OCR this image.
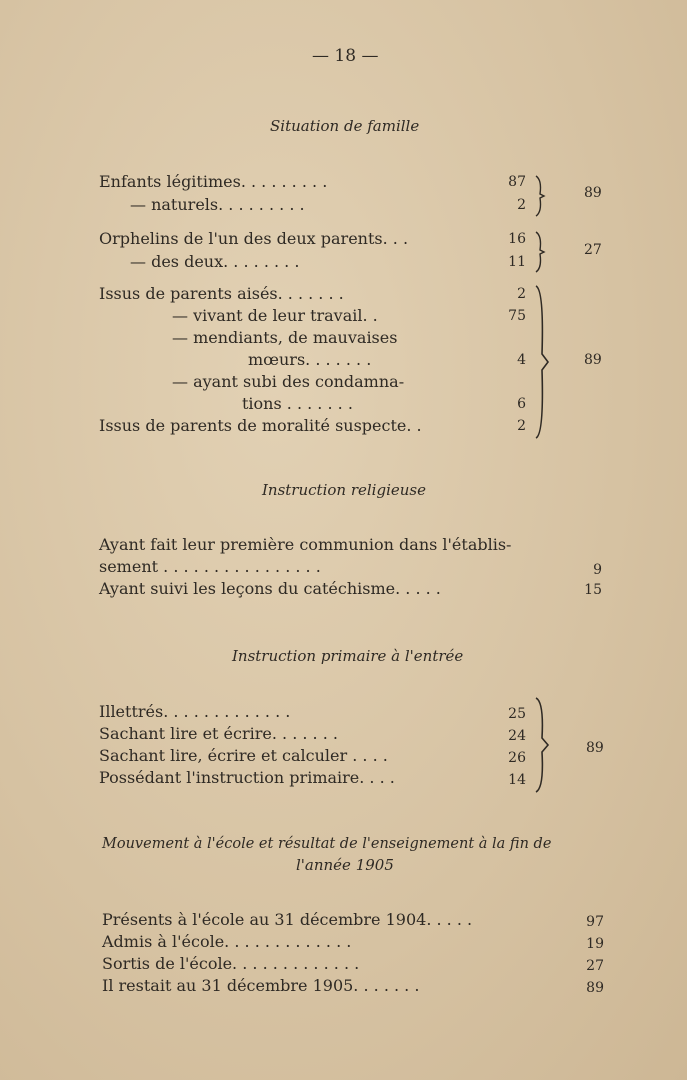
— 18 —
Situation de famille
Enfants légitimes. . . . . . . . .	87
— naturels. . . . . . . . .	2
89
Orphelins de l'un des deux parents. . .	16
— des deux. . . . . . . .	11
27
Issus de parents aisés. . . . . . .	2
— vivant de leur travail. .	75
— mendiants, de mauvaises
mœurs. . . . . . .	4
— ayant subi des condamna-
tions . . . . . . .	6
Issus de parents de moralité suspecte. .	2
89
Instruction religieuse
Ayant fait leur première communion dans l'établis-
sement . . . . . . . . . . . . . . . .	9
Ayant suivi les leçons du catéchisme. . . . .	15
Instruction primaire à l'entrée
Illettrés. . . . . . . . . . . . .	25
Sachant lire et écrire. . . . . . .	24
Sachant lire, écrire et calculer . . . .	26
Possédant l'instruction primaire. . . .	14
89
Mouvement à l'école et résultat de l'enseignement à la fin de
l'année 1905
Présents à l'école au 31 décembre 1904. . . . .	97
Admis à l'école. . . . . . . . . . . . .	19
Sortis de l'école. . . . . . . . . . . . .	27
Il restait au 31 décembre 1905. . . . . . .	89
